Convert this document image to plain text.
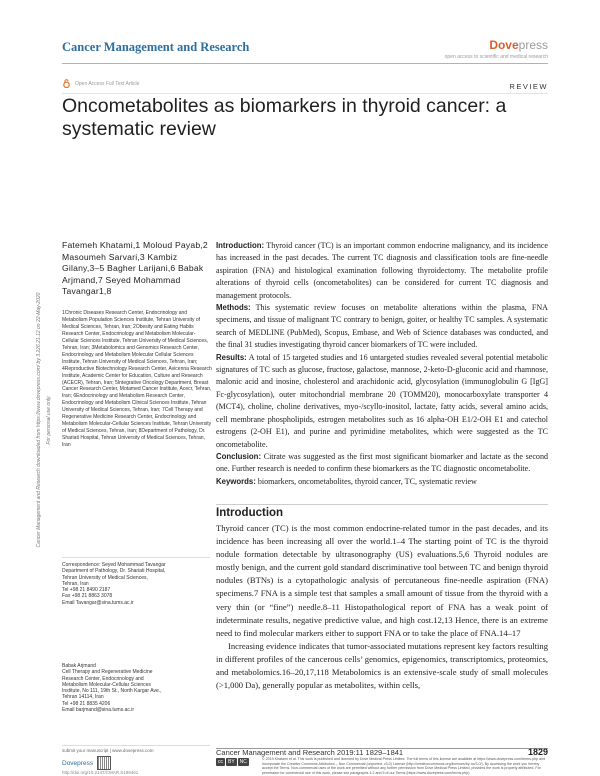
Cancer Management and Research	Dovepress
open access to scientific and medical research
Open Access Full Text Article	REVIEW
Oncometabolites as biomarkers in thyroid cancer: a systematic review
Cancer Management and Research downloaded from https://www.dovepress.com/ by 3.226.21.12 on 22-May-2020 For personal use only.
Fatemeh Khatami,1 Moloud Payab,2 Masoumeh Sarvari,3 Kambiz Gilany,3–5 Bagher Larijani,6 Babak Arjmand,7 Seyed Mohammad Tavangar1,8
1Chronic Diseases Research Center, Endocrinology and Metabolism Population Sciences Institute, Tehran University of Medical Sciences, Tehran, Iran; 2Obesity and Eating Habits Research Center, Endocrinology and Metabolism Molecular-Cellular Sciences Institute, Tehran University of Medical Sciences, Tehran, Iran; 3Metabolomics and Genomics Research Center, Endocrinology and Metabolism Molecular Cellular Sciences Institute, Tehran University of Medical Sciences, Tehran, Iran; 4Reproductive Biotechnology Research Center, Avicenna Research Institute, Academic Center for Education, Culture and Research (ACECR), Tehran, Iran; 5Integrative Oncology Department, Breast Cancer Research Center, Motamed Cancer Institute, Acecr, Tehran, Iran; 6Endocrinology and Metabolism Research Center, Endocrinology and Metabolism Clinical Sciences Institute, Tehran University of Medical Sciences, Tehran, Iran; 7Cell Therapy and Regenerative Medicine Research Center, Endocrinology and Metabolism Molecular-Cellular Sciences Institute, Tehran University of Medical Sciences, Tehran, Iran; 8Department of Pathology, Dr. Shariati Hospital, Tehran University of Medical Sciences, Tehran, Iran
Correspondence: Seyed Mohammad Tavangar
Department of Pathology, Dr. Shariati Hospital,
Tehran University of Medical Sciences,
Tehran, Iran
Tel +98 21 8490 2187
Fax +98 21 8863 3078
Email Tavangar@sina.tums.ac.ir
Babak Arjmand
Cell Therapy and Regenerative Medicine
Research Center, Endocrinology and
Metabolism Molecular-Cellular Sciences
Institute, No 111, 19th St., North Kargar Ave.,
Tehran 14114, Iran
Tel +98 21 8835 4206
Email barjmand@sina.tums.ac.ir
submit your manuscript | www.dovepress.com
Dovepress
http://doi.org/10.2147/CMAR.S199461

Introduction: Thyroid cancer (TC) is an important common endocrine malignancy, and its incidence has increased in the past decades. The current TC diagnosis and classification tools are fine-needle aspiration (FNA) and histological examination following thyroidectomy. The metabolite profile alterations of thyroid cells (oncometabolites) can be considered for current TC diagnosis and management protocols.

Methods: This systematic review focuses on metabolite alterations within the plasma, FNA specimens, and tissue of malignant TC contrary to benign, goiter, or healthy TC samples. A systematic search of MEDLINE (PubMed), Scopus, Embase, and Web of Science databases was conducted, and the final 31 studies investigating thyroid cancer biomarkers of TC were included.

Results: A total of 15 targeted studies and 16 untargeted studies revealed several potential metabolic signatures of TC such as glucose, fructose, galactose, mannose, 2-keto-D-gluconic acid and rhamnose, malonic acid and inosine, cholesterol and arachidonic acid, glycosylation (immunoglobulin G [IgG] Fc-glycosylation), outer mitochondrial membrane 20 (TOMM20), monocarboxylate transporter 4 (MCT4), choline, choline derivatives, myo-/scyllo-inositol, lactate, fatty acids, several amino acids, cell membrane phospholipids, estrogen metabolites such as 16 alpha-OH E1/2-OH E1 and catechol estrogens (2-OH E1), and purine and pyrimidine metabolites, which were suggested as the TC oncometabolite.

Conclusion: Citrate was suggested as the first most significant biomarker and lactate as the second one. Further research is needed to confirm these biomarkers as the TC diagnostic oncometabolite.

Keywords: biomarkers, oncometabolites, thyroid cancer, TC, systematic review

Introduction

Thyroid cancer (TC) is the most common endocrine-related tumor in the past decades, and its incidence has been increasing all over the world.1–4 The starting point of TC is the thyroid nodule formation detectable by ultrasonography (US) evaluations.5,6 Thyroid nodules are mostly benign, and the current gold standard discriminative tool between TC and benign thyroid nodules (BTNs) is a cytopathologic analysis of percutaneous fine-needle aspiration (FNA) specimens.7 FNA is a simple test that samples a small amount of tissue from the thyroid with a very thin (or “fine”) needle.8–11 Histopathological report of FNA has a weak point of indeterminate results, negative predictive value, and high cost.12,13 Hence, there is an extreme need to find molecular markers either to support FNA or to take the place of FNA.14–17

Increasing evidence indicates that tumor-associated mutations represent key factors resulting in different profiles of the cancerous cells’ genomics, epigenomics, transcriptomics, proteomics, and metabolomics.16–20,17,118 Metabolomics is an extensive-scale study of small molecules (>1,000 Da), generally popular as metabolites, within cells,

Cancer Management and Research 2019:11 1829–1841	1829
cc	BY	NC	© 2019 Khatami et al. This work is published and licensed by Dove Medical Press Limited. The full terms of this license are available at https://www.dovepress.com/terms.php and incorporate the Creative Commons Attribution – Non Commercial (unported, v3.0) License (http://creativecommons.org/licenses/by-nc/3.0/). By accessing the work you hereby accept the Terms. Non-commercial uses of the work are permitted without any further permission from Dove Medical Press Limited, provided the work is properly attributed. For permission for commercial use of this work, please see paragraphs 4.2 and 5 of our Terms (https://www.dovepress.com/terms.php).
